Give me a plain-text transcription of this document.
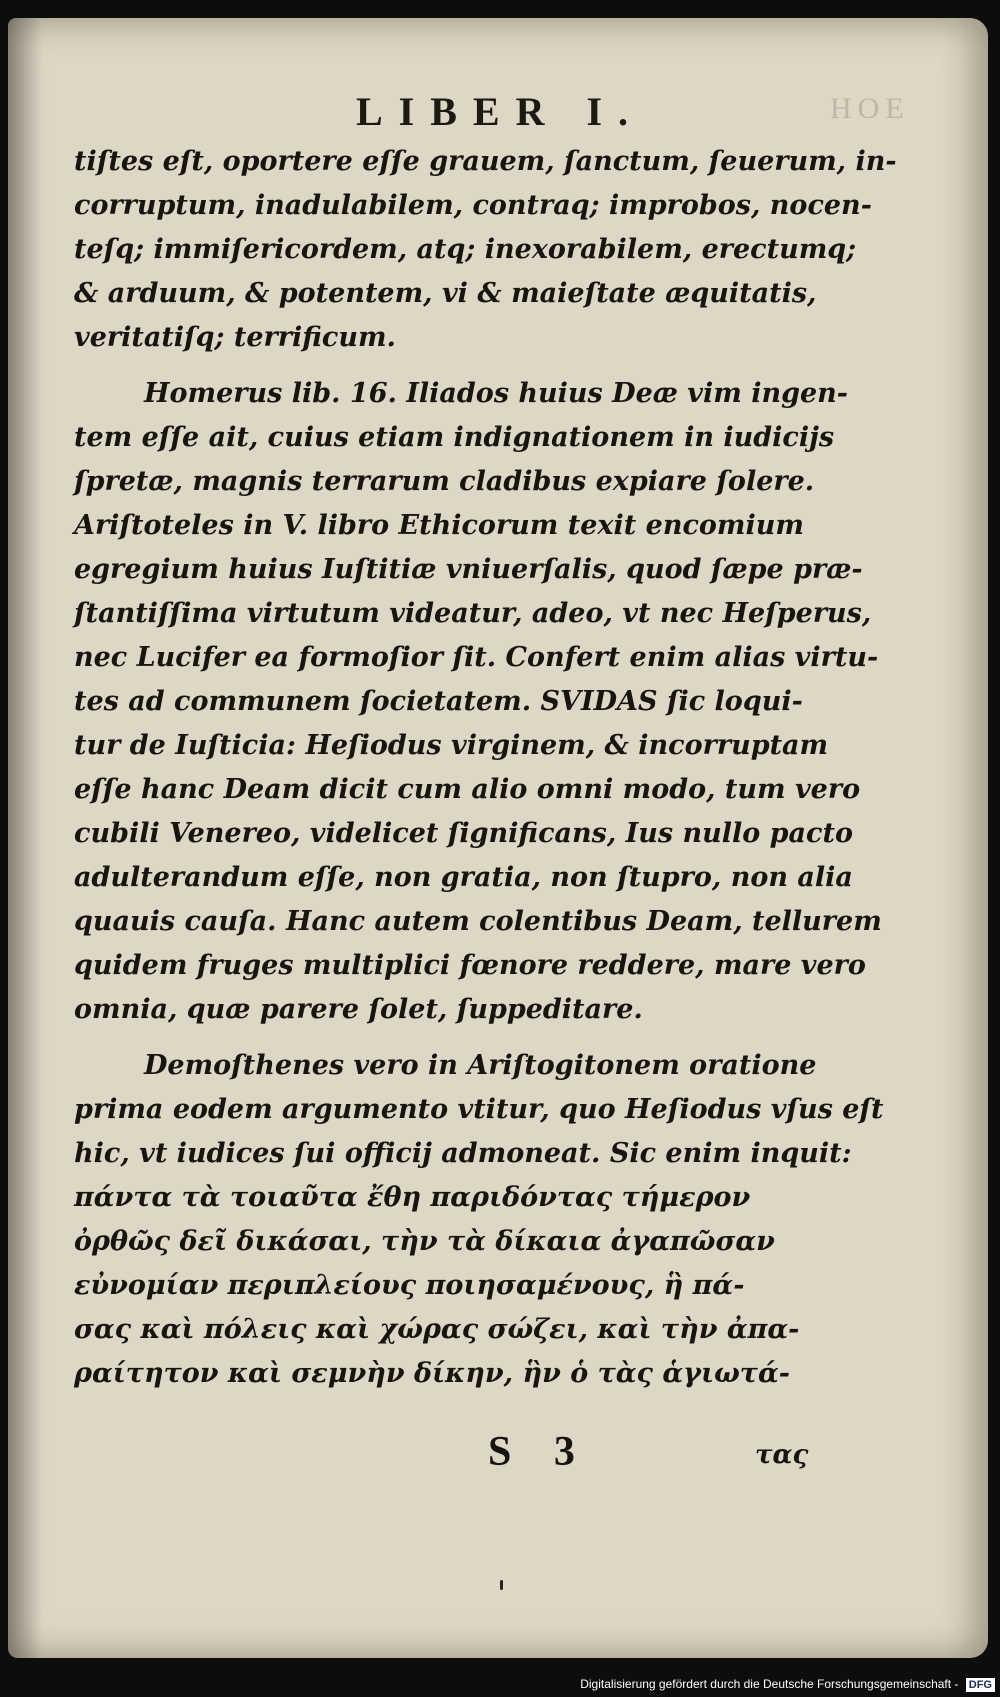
LIBER I.	HOE
tiſtes eſt, oportere eſſe grauem, ſanctum, ſeuerum, in-
corruptum, inadulabilem, contraq; improbos, nocen-
teſq; immiſericordem, atq; inexorabilem, erectumq;
& arduum, & potentem, vi & maieſtate æquitatis,
veritatiſq; terrificum.
Homerus lib. 16. Iliados huius Deæ vim ingen-
tem eſſe ait, cuius etiam indignationem in iudicijs
ſpretæ, magnis terrarum cladibus expiare ſolere.
Ariſtoteles in V. libro Ethicorum texit encomium
egregium huius Iuſtitiæ vniuerſalis, quod ſæpe præ-
ſtantiſſima virtutum videatur, adeo, vt nec Heſperus,
nec Lucifer ea formoſior ſit. Confert enim alias virtu-
tes ad communem ſocietatem. SVIDAS ſic loqui-
tur de Iuſticia: Heſiodus virginem, & incorruptam
eſſe hanc Deam dicit cum alio omni modo, tum vero
cubili Venereo, videlicet ſignificans, Ius nullo pacto
adulterandum eſſe, non gratia, non ſtupro, non alia
quauis cauſa. Hanc autem colentibus Deam, tellurem
quidem fruges multiplici fœnore reddere, mare vero
omnia, quæ parere ſolet, ſuppeditare.
Demoſthenes vero in Ariſtogitonem oratione
prima eodem argumento vtitur, quo Heſiodus vſus eſt
hic, vt iudices ſui officij admoneat. Sic enim inquit:
πάντα τὰ τοιαῦτα ἔθη παριδόντας τήμερον
ὀρθῶς δεῖ δικάσαι, τὴν τὰ δίκαια ἀγαπῶσαν
εὐνομίαν περιπλείους ποιησαμένους, ἣ πά-
σας καὶ πόλεις καὶ χώρας σώζει, καὶ τὴν ἀπα-
ραίτητον καὶ σεμνὴν δίκην, ἣν ὁ τὰς ἁγιωτά-
S 3	τας
Digitalisierung gefördert durch die Deutsche Forschungsgemeinschaft - DFG
